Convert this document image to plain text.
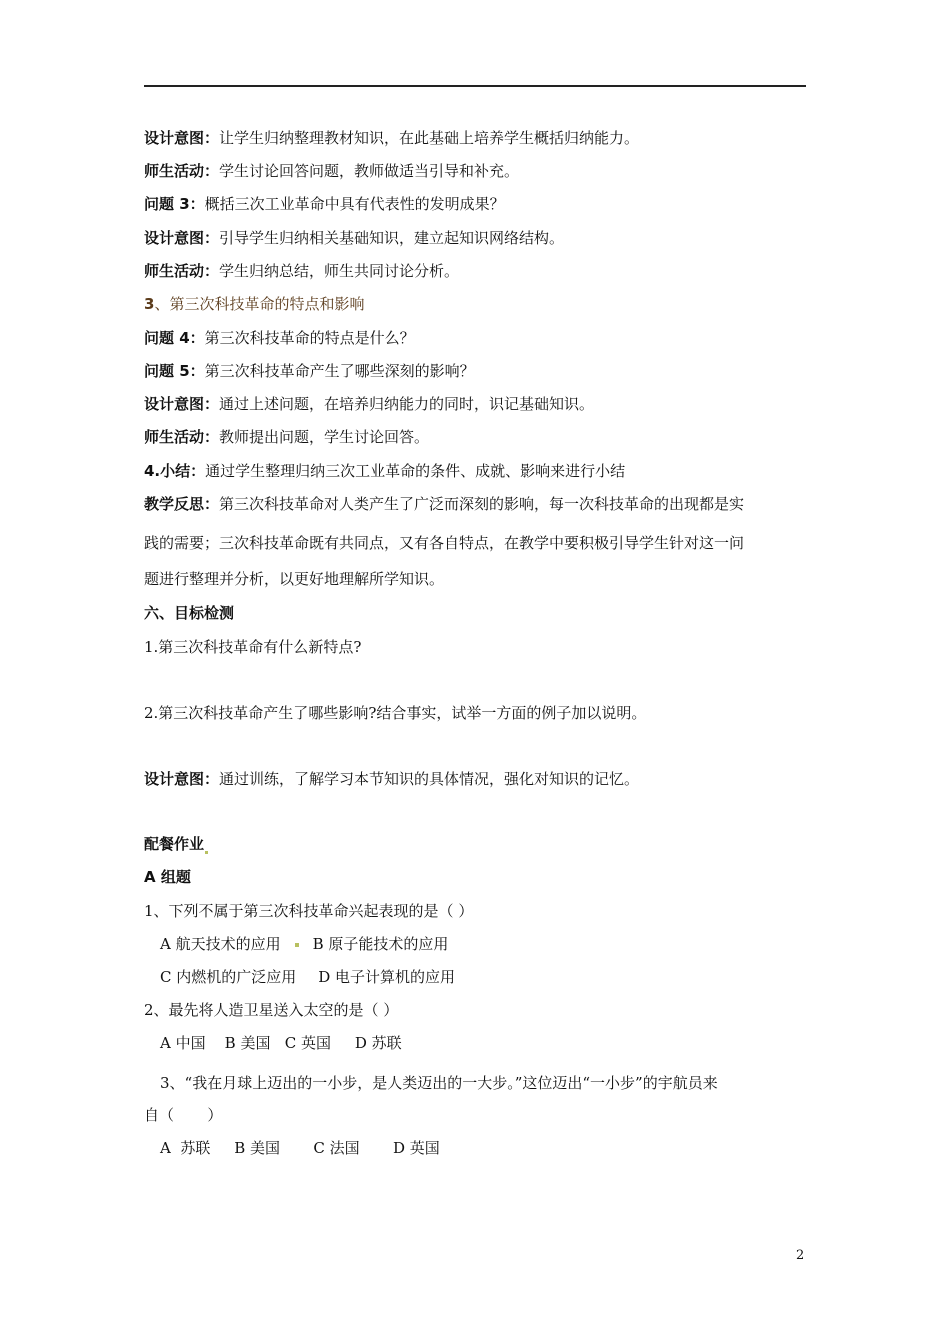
设计意图：让学生归纳整理教材知识，在此基础上培养学生概括归纳能力。
师生活动：学生讨论回答问题，教师做适当引导和补充。
问题 3：概括三次工业革命中具有代表性的发明成果？
设计意图：引导学生归纳相关基础知识，建立起知识网络结构。
师生活动：学生归纳总结，师生共同讨论分析。
3、第三次科技革命的特点和影响
问题 4：第三次科技革命的特点是什么？
问题 5：第三次科技革命产生了哪些深刻的影响？
设计意图：通过上述问题，在培养归纳能力的同时，识记基础知识。
师生活动：教师提出问题，学生讨论回答。
4.小结：通过学生整理归纳三次工业革命的条件、成就、影响来进行小结
教学反思：第三次科技革命对人类产生了广泛而深刻的影响，每一次科技革命的出现都是实
践的需要；三次科技革命既有共同点，又有各自特点，在教学中要积极引导学生针对这一问
题进行整理并分析，以更好地理解所学知识。
六、目标检测
1.第三次科技革命有什么新特点?
2.第三次科技革命产生了哪些影响?结合事实，试举一方面的例子加以说明。
设计意图：通过训练，了解学习本节知识的具体情况，强化对知识的记忆。
配餐作业
A 组题
1、下列不属于第三次科技革命兴起表现的是（ ）
A 航天技术的应用 B 原子能技术的应用
C 内燃机的广泛应用 D 电子计算机的应用
2、最先将人造卫星送入太空的是（ ）
A 中国    B 美国   C 英国     D 苏联
3、“我在月球上迈出的一小步，是人类迈出的一大步。”这位迈出“一小步”的宇航员来
自（       ）
A  苏联     B 美国       C 法国       D 英国
2
